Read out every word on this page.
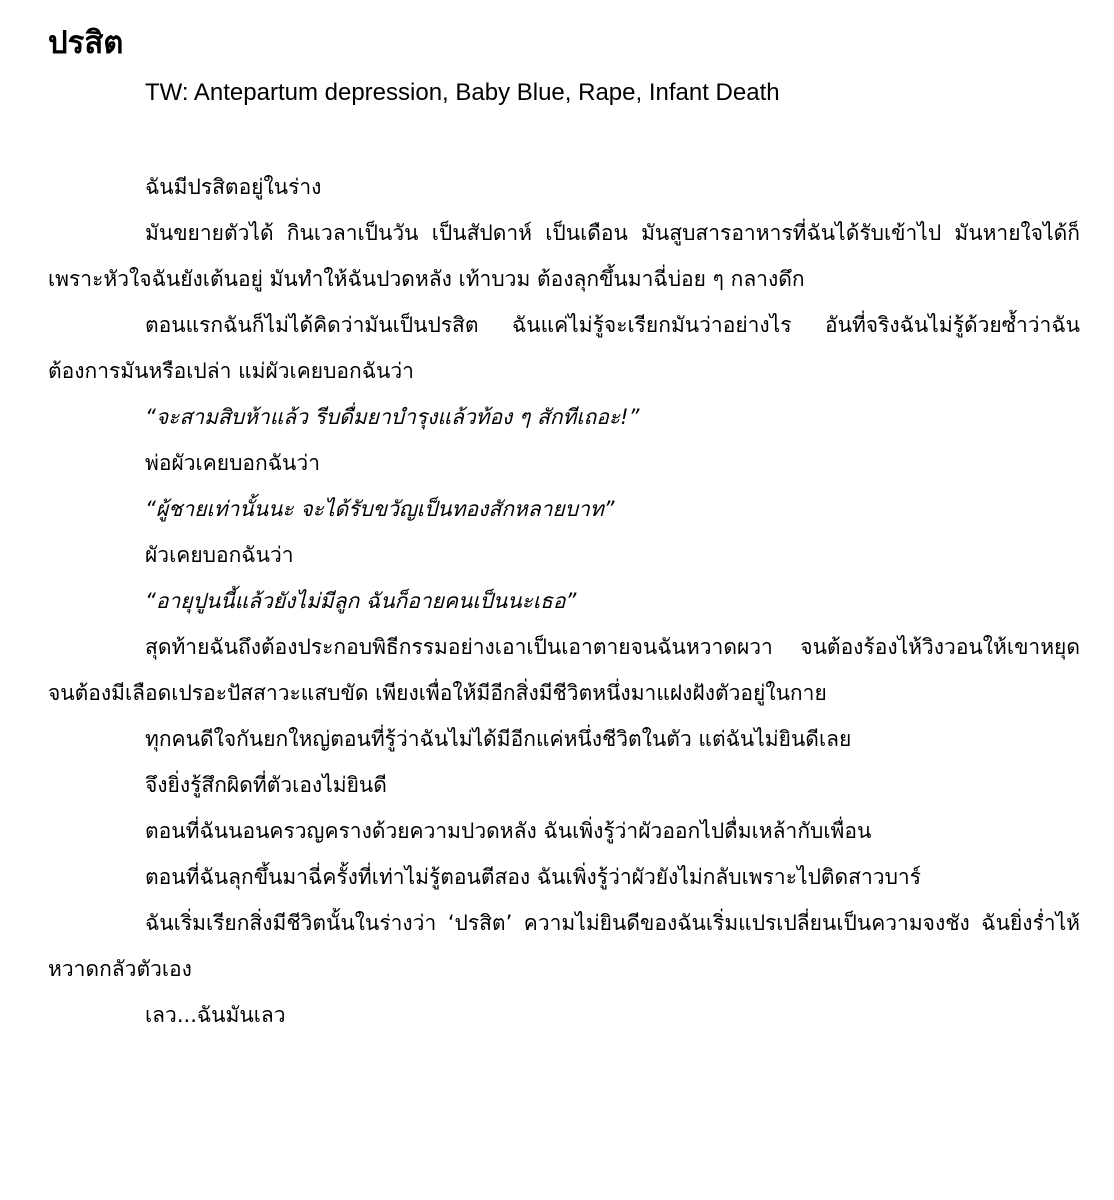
ปรสิต
TW: Antepartum depression, Baby Blue, Rape, Infant Death

ฉันมีปรสิตอยู่ในร่าง

มันขยายตัวได้ กินเวลาเป็นวัน เป็นสัปดาห์ เป็นเดือน มันสูบสารอาหารที่ฉันได้รับเข้าไป มันหายใจได้ก็เพราะหัวใจฉันยังเต้นอยู่ มันทำให้ฉันปวดหลัง เท้าบวม ต้องลุกขึ้นมาฉี่บ่อย ๆ กลางดึก

ตอนแรกฉันก็ไม่ได้คิดว่ามันเป็นปรสิต ฉันแค่ไม่รู้จะเรียกมันว่าอย่างไร อันที่จริงฉันไม่รู้ด้วยซ้ำว่าฉันต้องการมันหรือเปล่า แม่ผัวเคยบอกฉันว่า

“จะสามสิบห้าแล้ว รีบดื่มยาบำรุงแล้วท้อง ๆ สักทีเถอะ!”

พ่อผัวเคยบอกฉันว่า

“ผู้ชายเท่านั้นนะ จะได้รับขวัญเป็นทองสักหลายบาท”

ผัวเคยบอกฉันว่า

“อายุปูนนี้แล้วยังไม่มีลูก ฉันก็อายคนเป็นนะเธอ”

สุดท้ายฉันถึงต้องประกอบพิธีกรรมอย่างเอาเป็นเอาตายจนฉันหวาดผวา จนต้องร้องไห้วิงวอนให้เขาหยุด จนต้องมีเลือดเปรอะปัสสาวะแสบขัด เพียงเพื่อให้มีอีกสิ่งมีชีวิตหนึ่งมาแฝงฝังตัวอยู่ในกาย

ทุกคนดีใจกันยกใหญ่ตอนที่รู้ว่าฉันไม่ได้มีอีกแค่หนึ่งชีวิตในตัว แต่ฉันไม่ยินดีเลย

จึงยิ่งรู้สึกผิดที่ตัวเองไม่ยินดี

ตอนที่ฉันนอนครวญครางด้วยความปวดหลัง ฉันเพิ่งรู้ว่าผัวออกไปดื่มเหล้ากับเพื่อน

ตอนที่ฉันลุกขึ้นมาฉี่ครั้งที่เท่าไม่รู้ตอนตีสอง ฉันเพิ่งรู้ว่าผัวยังไม่กลับเพราะไปติดสาวบาร์

ฉันเริ่มเรียกสิ่งมีชีวิตนั้นในร่างว่า ‘ปรสิต’ ความไม่ยินดีของฉันเริ่มแปรเปลี่ยนเป็นความจงชัง ฉันยิ่งร่ำไห้หวาดกลัวตัวเอง

เลว...ฉันมันเลว
